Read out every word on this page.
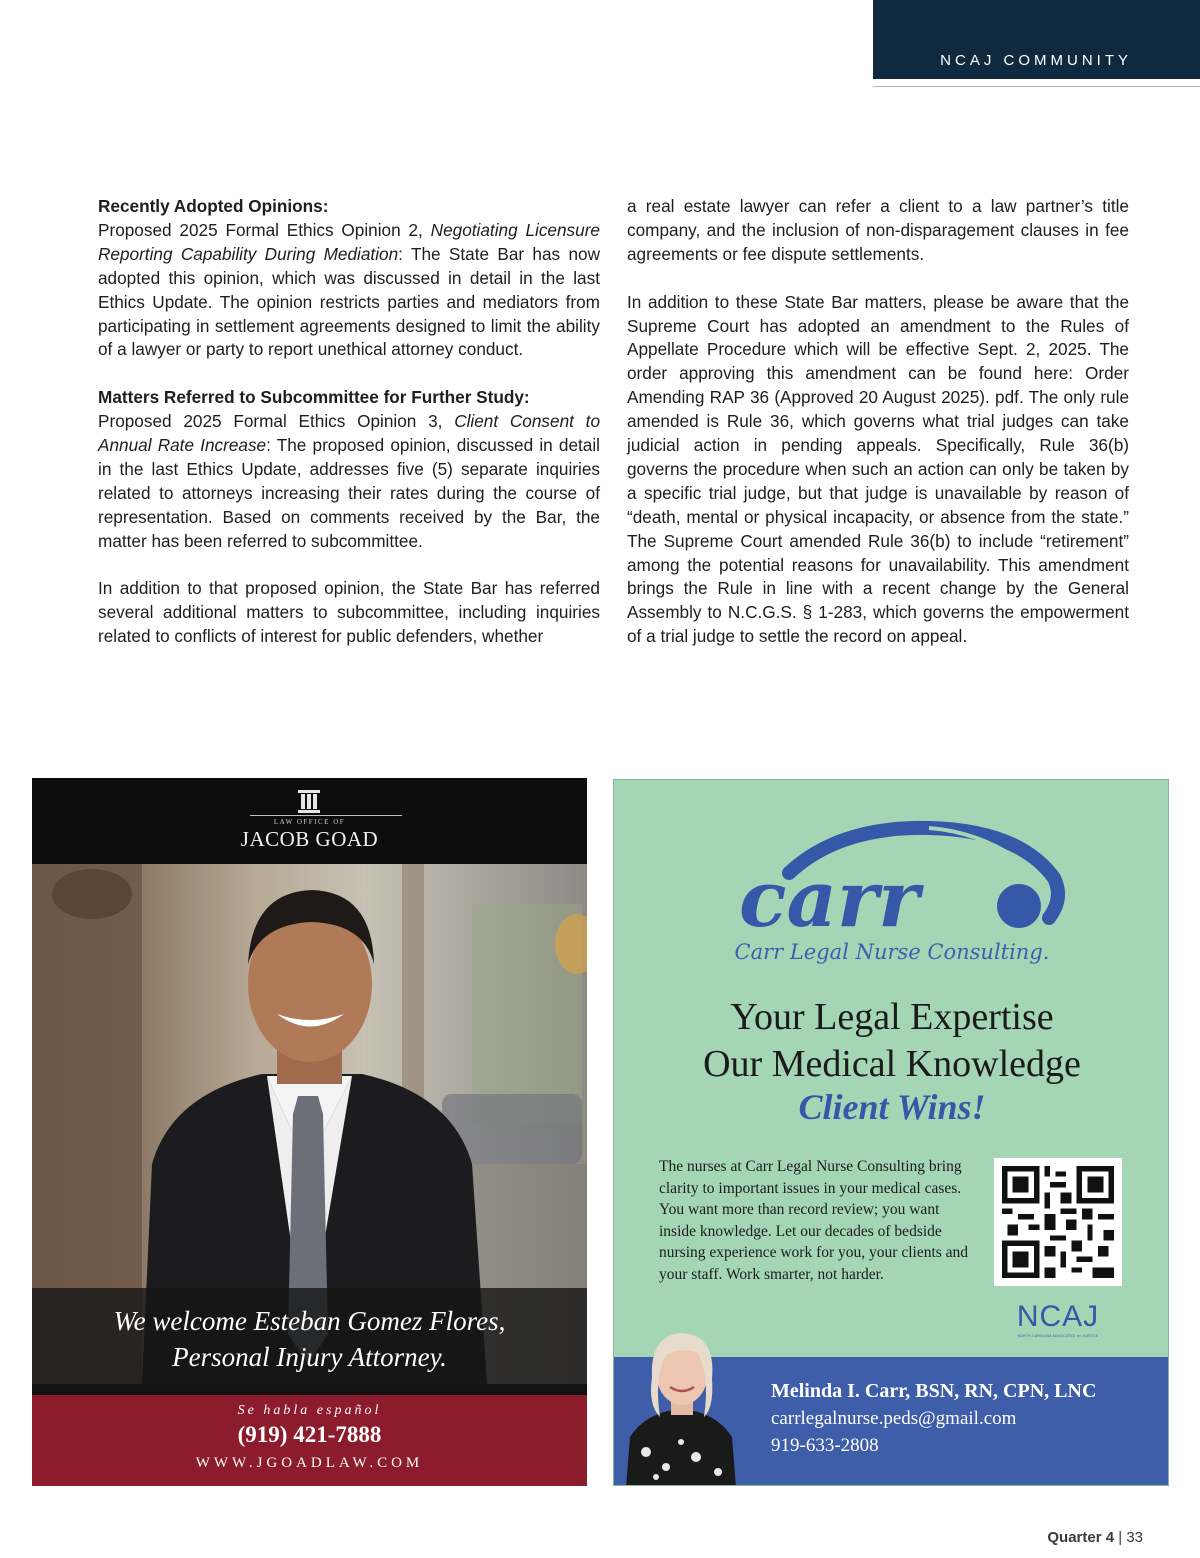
NCAJ COMMUNITY

Recently Adopted Opinions:
Proposed 2025 Formal Ethics Opinion 2, Negotiating Licensure Reporting Capability During Mediation: The State Bar has now adopted this opinion, which was discussed in detail in the last Ethics Update. The opinion restricts parties and mediators from participating in settlement agreements designed to limit the ability of a lawyer or party to report unethical attorney conduct.

Matters Referred to Subcommittee for Further Study:
Proposed 2025 Formal Ethics Opinion 3, Client Consent to Annual Rate Increase: The proposed opinion, discussed in detail in the last Ethics Update, addresses five (5) separate inquiries related to attorneys increasing their rates during the course of representation. Based on comments received by the Bar, the matter has been referred to subcommittee.

In addition to that proposed opinion, the State Bar has referred several additional matters to subcommittee, including inquiries related to conflicts of interest for public defenders, whether

a real estate lawyer can refer a client to a law partner’s title company, and the inclusion of non-disparagement clauses in fee agreements or fee dispute settlements.

In addition to these State Bar matters, please be aware that the Supreme Court has adopted an amendment to the Rules of Appellate Procedure which will be effective Sept. 2, 2025. The order approving this amendment can be found here: Order Amending RAP 36 (Approved 20 August 2025). pdf. The only rule amended is Rule 36, which governs what trial judges can take judicial action in pending appeals. Specifically, Rule 36(b) governs the procedure when such an action can only be taken by a specific trial judge, but that judge is unavailable by reason of “death, mental or physical incapacity, or absence from the state.” The Supreme Court amended Rule 36(b) to include “retirement” among the potential reasons for unavailability. This amendment brings the Rule in line with a recent change by the General Assembly to N.C.G.S. § 1-283, which governs the empowerment of a trial judge to settle the record on appeal.

LAW OFFICE OF
JACOB GOAD
We welcome Esteban Gomez Flores,
Personal Injury Attorney.
Se habla español
(919) 421-7888
WWW.JGOADLAW.COM
carr
Carr Legal Nurse Consulting.
Your Legal Expertise
Our Medical Knowledge
Client Wins!
The nurses at Carr Legal Nurse Consulting bring clarity to important issues in your medical cases. You want more than record review; you want inside knowledge. Let our decades of bedside nursing experience work for you, your clients and your staff. Work smarter, not harder.
NCAJ
NORTH CAROLINA ADVOCATES for JUSTICE
Melinda I. Carr, BSN, RN, CPN, LNC
carrlegalnurse.peds@gmail.com
919-633-2808
Quarter 4 | 33
